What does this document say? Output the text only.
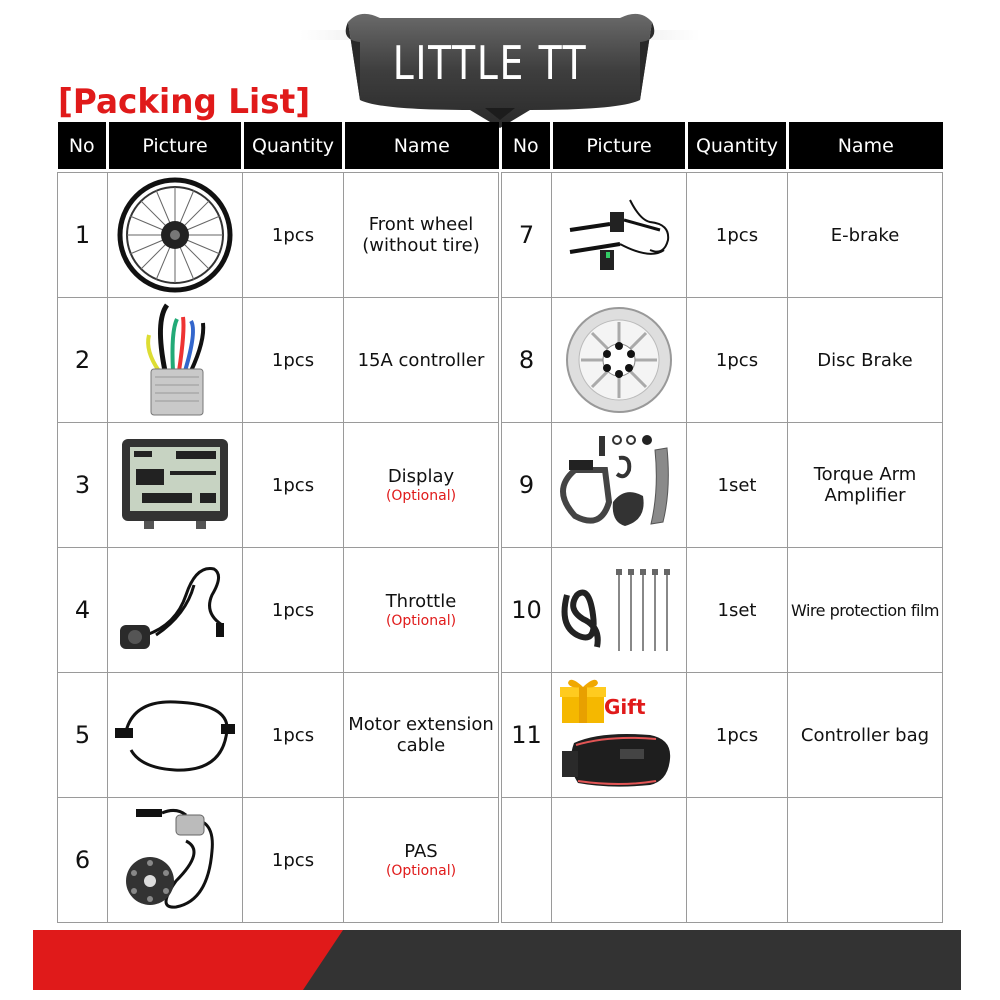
LITTLE TT
[Packing List]
No	Picture	Quantity	Name

1		1pcs	Front wheel
(without tire)
2		1pcs	15A controller
3		1pcs	Display
(Optional)

4		1pcs	Throttle
(Optional)

5		1pcs	Motor extension
cable
6		1pcs	PAS
(Optional)
No	Picture	Quantity	Name

7		1pcs	E-brake
8		1pcs	Disc Brake
9		1set	Torque Arm
Amplifier
10		1set	Wire protection film
11	Gift	1pcs	Controller bag
